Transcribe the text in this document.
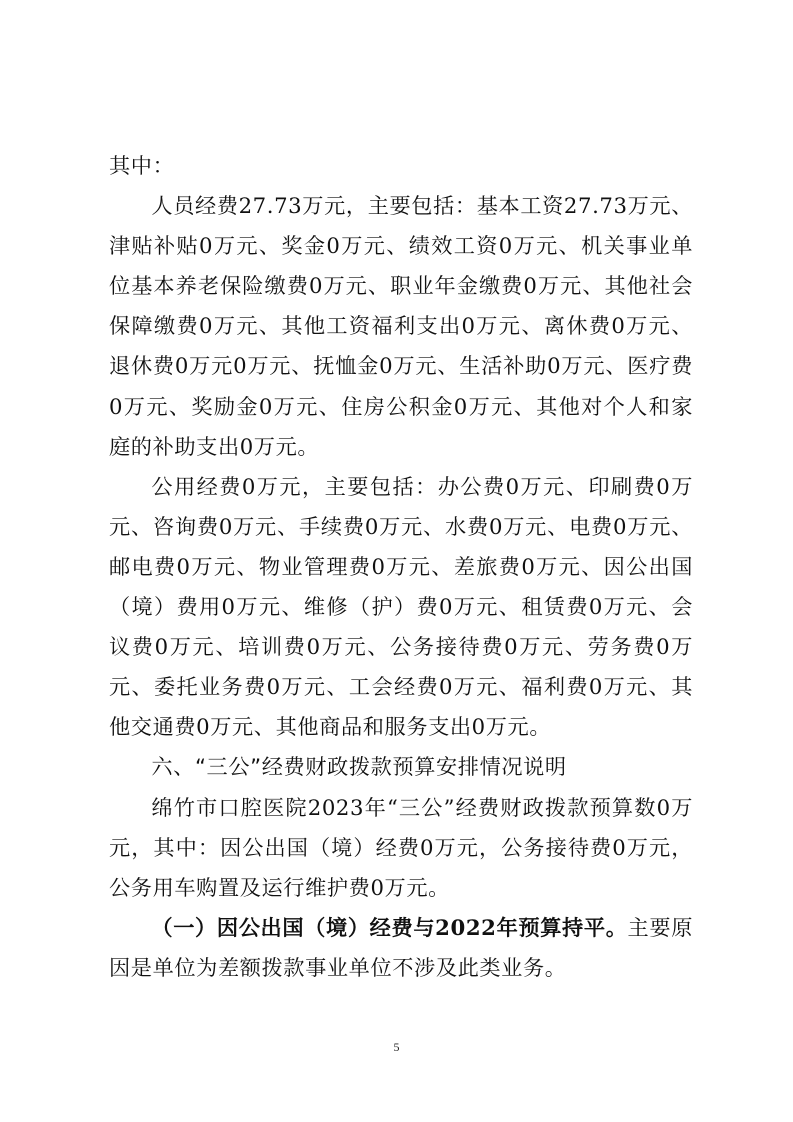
其中：

人员经费27.73万元，主要包括：基本工资27.73万元、津贴补贴0万元、奖金0万元、绩效工资0万元、机关事业单位基本养老保险缴费0万元、职业年金缴费0万元、其他社会保障缴费0万元、其他工资福利支出0万元、离休费0万元、退休费0万元0万元、抚恤金0万元、生活补助0万元、医疗费0万元、奖励金0万元、住房公积金0万元、其他对个人和家庭的补助支出0万元。

公用经费0万元，主要包括：办公费0万元、印刷费0万元、咨询费0万元、手续费0万元、水费0万元、电费0万元、邮电费0万元、物业管理费0万元、差旅费0万元、因公出国（境）费用0万元、维修（护）费0万元、租赁费0万元、会议费0万元、培训费0万元、公务接待费0万元、劳务费0万元、委托业务费0万元、工会经费0万元、福利费0万元、其他交通费0万元、其他商品和服务支出0万元。

六、“三公”经费财政拨款预算安排情况说明

绵竹市口腔医院2023年“三公”经费财政拨款预算数0万元，其中：因公出国（境）经费0万元，公务接待费0万元，公务用车购置及运行维护费0万元。

（一）因公出国（境）经费与2022年预算持平。主要原因是单位为差额拨款事业单位不涉及此类业务。

5
